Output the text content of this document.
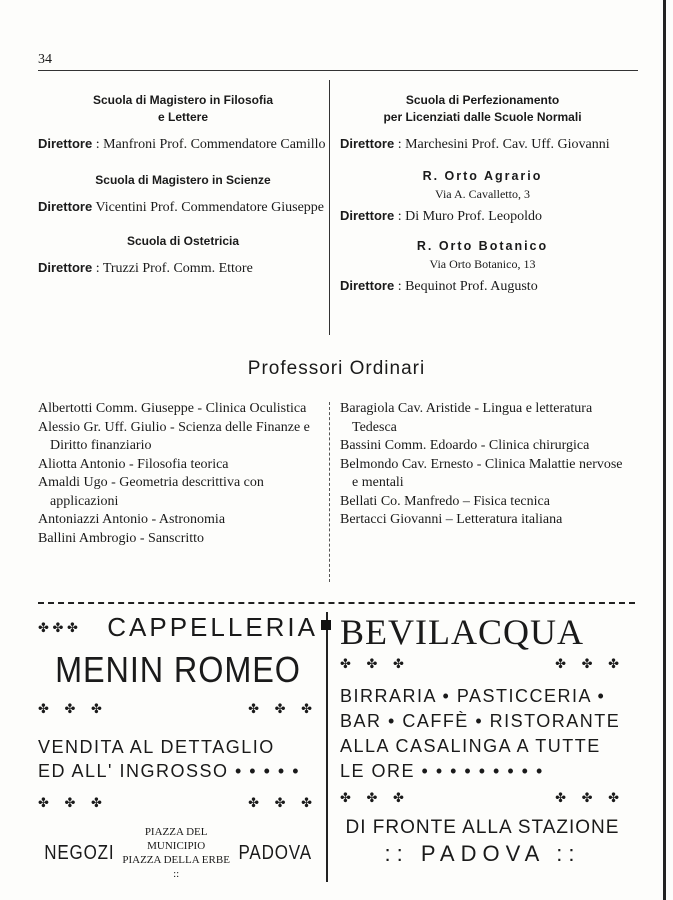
34
Scuola di Magistero in Filosofia
e Lettere
Direttore : Manfroni Prof. Commendatore Camillo
Scuola di Magistero in Scienze
Direttore Vicentini Prof. Commendatore Giuseppe
Scuola di Ostetricia
Direttore : Truzzi Prof. Comm. Ettore
Scuola di Perfezionamento
per Licenziati dalle Scuole Normali
Direttore : Marchesini Prof. Cav. Uff. Giovanni
R. Orto Agrario
Via A. Cavalletto, 3
Direttore : Di Muro Prof. Leopoldo
R. Orto Botanico
Via Orto Botanico, 13
Direttore : Bequinot Prof. Augusto
Professori Ordinari
Albertotti Comm. Giuseppe - Clinica Oculistica
Alessio Gr. Uff. Giulio - Scienza delle Finanze e Diritto finanziario
Aliotta Antonio - Filosofia teorica
Amaldi Ugo - Geometria descrittiva con applicazioni
Antoniazzi Antonio - Astronomia
Ballini Ambrogio - Sanscritto
Baragiola Cav. Aristide - Lingua e letteratura Tedesca
Bassini Comm. Edoardo - Clinica chirurgica
Belmondo Cav. Ernesto - Clinica Malattie nervose e mentali
Bellati Co. Manfredo – Fisica tecnica
Bertacci Giovanni – Letteratura italiana
✤ ✤ ✤ CAPPELLERIA
MENIN ROMEO
✤ ✤ ✤	✤ ✤ ✤
VENDITA AL DETTAGLIO
ED ALL' INGROSSO • • • • •
✤ ✤ ✤	✤ ✤ ✤
NEGOZI
PIAZZA DEL MUNICIPIO
PIAZZA DELLA ERBE ::
PADOVA
BEVILACQUA
✤ ✤ ✤	✤ ✤ ✤
BIRRARIA • PASTICCERIA •
BAR • CAFFÈ • RISTORANTE
ALLA CASALINGA A TUTTE
LE ORE • • • • • • • • •
✤ ✤ ✤	✤ ✤ ✤
DI FRONTE ALLA STAZIONE
:: PADOVA ::
